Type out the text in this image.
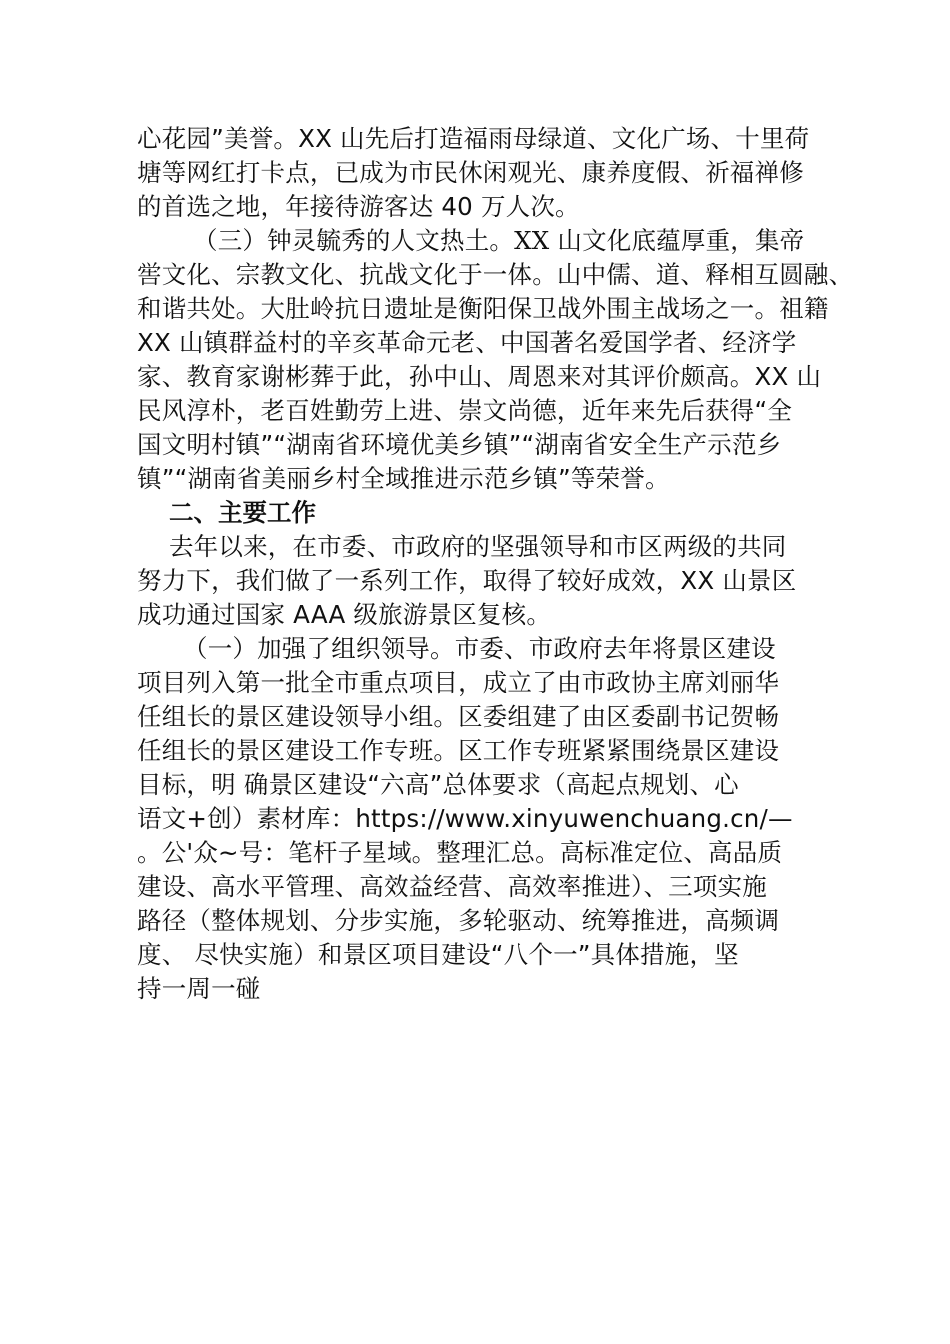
心花园”美誉。XX 山先后打造福雨母绿道、文化广场、十里荷
塘等网红打卡点，已成为市民休闲观光、康养度假、祈福禅修
的首选之地，年接待游客达 40 万人次。

（三）钟灵毓秀的人文热土。XX 山文化底蕴厚重，集帝
喾文化、宗教文化、抗战文化于一体。山中儒、道、释相互圆融、
和谐共处。大肚岭抗日遗址是衡阳保卫战外围主战场之一。祖籍
XX 山镇群益村的辛亥革命元老、中国著名爱国学者、经济学
家、教育家谢彬葬于此，孙中山、周恩来对其评价颇高。XX 山
民风淳朴，老百姓勤劳上进、崇文尚德，近年来先后获得“全
国文明村镇”“湖南省环境优美乡镇”“湖南省安全生产示范乡
镇”“湖南省美丽乡村全域推进示范乡镇”等荣誉。

二、主要工作

去年以来，在市委、市政府的坚强领导和市区两级的共同
努力下，我们做了一系列工作，取得了较好成效，XX 山景区
成功通过国家 AAA 级旅游景区复核。

（一）加强了组织领导。市委、市政府去年将景区建设
项目列入第一批全市重点项目，成立了由市政协主席刘丽华
任组长的景区建设领导小组。区委组建了由区委副书记贺畅
任组长的景区建设工作专班。区工作专班紧紧围绕景区建设
目标，明 确景区建设“六高”总体要求（高起点规划、心
语文+创）素材库：https://www.xinyuwenchuang.cn/—
。公'众~号：笔杆子星域。整理汇总。高标准定位、高品质
建设、高水平管理、高效益经营、高效率推进）、三项实施
路径（整体规划、分步实施，多轮驱动、统筹推进，高频调
度、 尽快实施）和景区项目建设“八个一”具体措施，坚
持一周一碰
